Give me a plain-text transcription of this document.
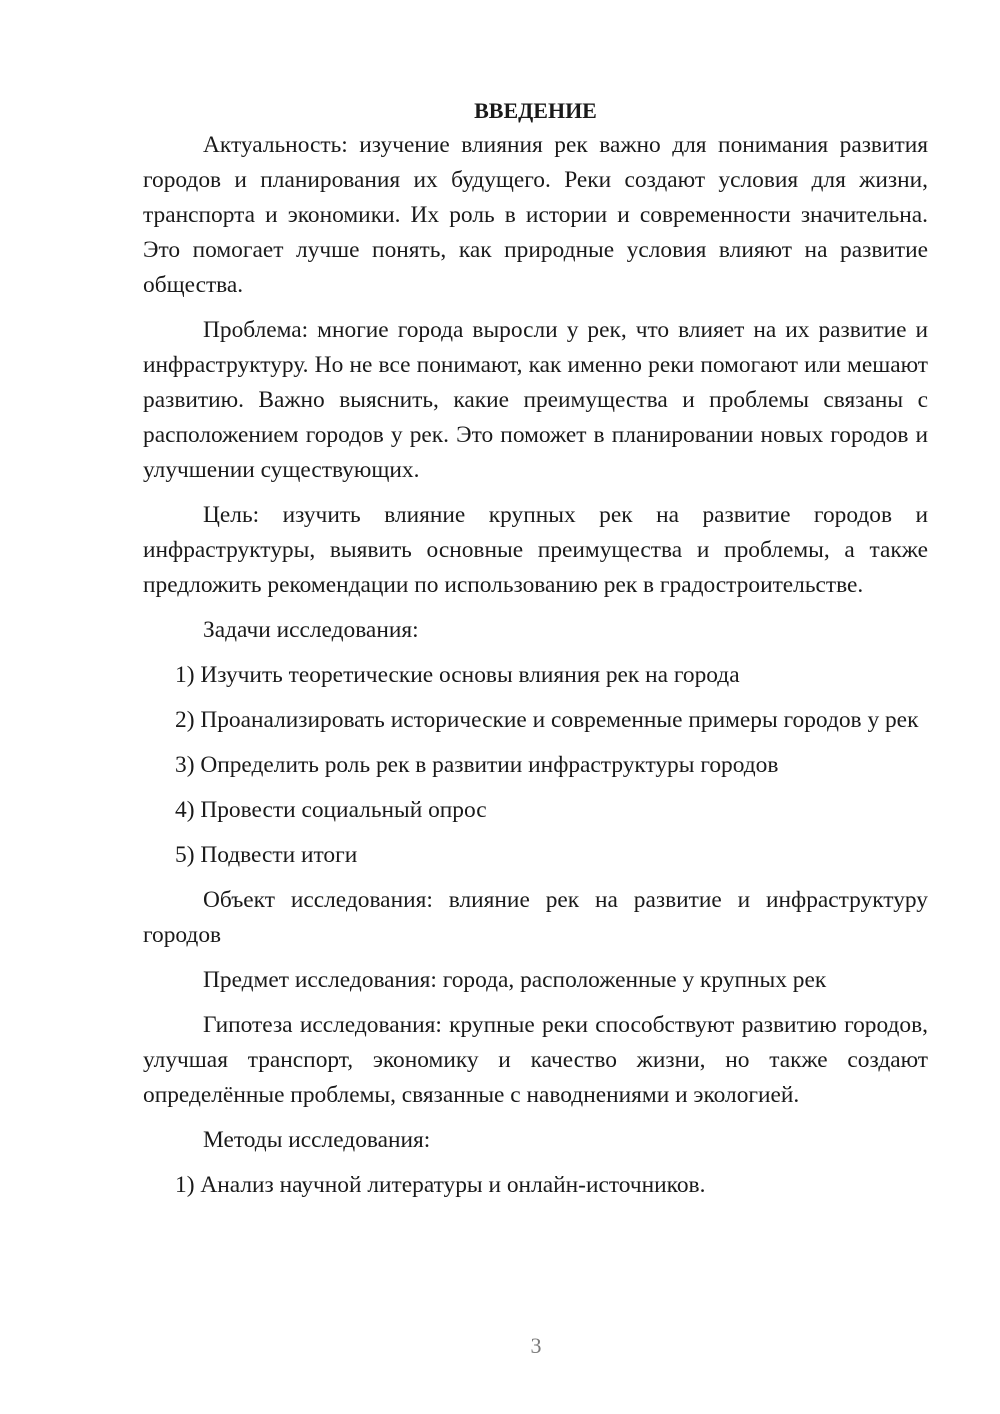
ВВЕДЕНИЕ

Актуальность: изучение влияния рек важно для понимания развития городов и планирования их будущего. Реки создают условия для жизни, транспорта и экономики. Их роль в истории и современности значительна. Это помогает лучше понять, как природные условия влияют на развитие общества.

Проблема: многие города выросли у рек, что влияет на их развитие и инфраструктуру. Но не все понимают, как именно реки помогают или мешают развитию. Важно выяснить, какие преимущества и проблемы связаны с расположением городов у рек. Это поможет в планировании новых городов и улучшении существующих.

Цель: изучить влияние крупных рек на развитие городов и инфраструктуры, выявить основные преимущества и проблемы, а также предложить рекомендации по использованию рек в градостроительстве.

Задачи исследования:

1) Изучить теоретические основы влияния рек на города

2) Проанализировать исторические и современные примеры городов у рек

3) Определить роль рек в развитии инфраструктуры городов

4) Провести социальный опрос

5) Подвести итоги

Объект исследования: влияние рек на развитие и инфраструктуру городов

Предмет исследования: города, расположенные у крупных рек

Гипотеза исследования: крупные реки способствуют развитию городов, улучшая транспорт, экономику и качество жизни, но также создают определённые проблемы, связанные с наводнениями и экологией.

Методы исследования:

1) Анализ научной литературы и онлайн-источников.

3
